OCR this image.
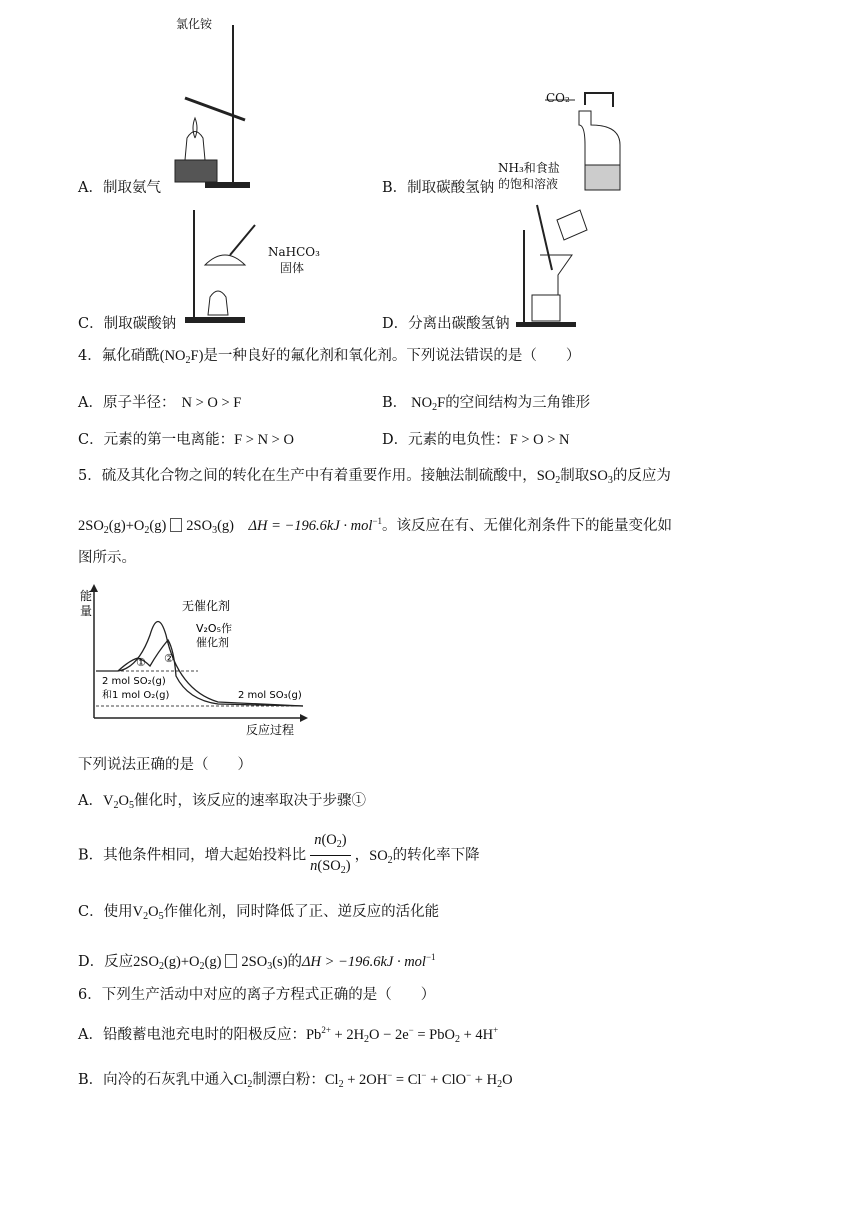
氯化铵
CO₂
NH₃和食盐
的饱和溶液
A．制取氨气	B．制取碳酸氢钠
NaHCO₃
固体
C．制取碳酸钠	D．分离出碳酸氢钠
4．氟化硝酰$(NO_2F)$是一种良好的氟化剂和氧化剂。下列说法错误的是（　　）
A．原子半径： N > O > F	B． $NO_2F$的空间结构为三角锥形
C．元素的第一电离能：F > N > O	D．元素的电负性：F > O > N
5．硫及其化合物之间的转化在生产中有着重要作用。接触法制硫酸中，$SO_2$制取$SO_3$的反应为
$2SO_2(g)+O_2(g)$ $2SO_3(g)$    ΔH = −196.6kJ · mol$^{-1}$。该反应在有、无催化剂条件下的能量变化如
图所示。
能
量
反应过程
无催化剂
V₂O₅作
催化剂
① ②
2 mol SO₂(g)
和1 mol O₂(g)	2 mol SO₃(g)
下列说法正确的是（　　）
A．$V_2O_5$催化时，该反应的速率取决于步骤①
B．其他条件相同，增大起始投料比 $\frac{n(O_2)}{n(SO_2)}$ ，$SO_2$的转化率下降
C．使用$V_2O_5$作催化剂，同时降低了正、逆反应的活化能
D．反应$2SO_2(g)+O_2(g)$ $2SO_3(s)$的ΔH > −196.6kJ · mol$^{-1}$
6．下列生产活动中对应的离子方程式正确的是（　　）
A．铅酸蓄电池充电时的阳极反应：$Pb^{2+} + 2H_2O - 2e^- = PbO_2 + 4H^+$
B．向冷的石灰乳中通入$Cl_2$制漂白粉：$Cl_2 + 2OH^- = Cl^- + ClO^- + H_2O$
